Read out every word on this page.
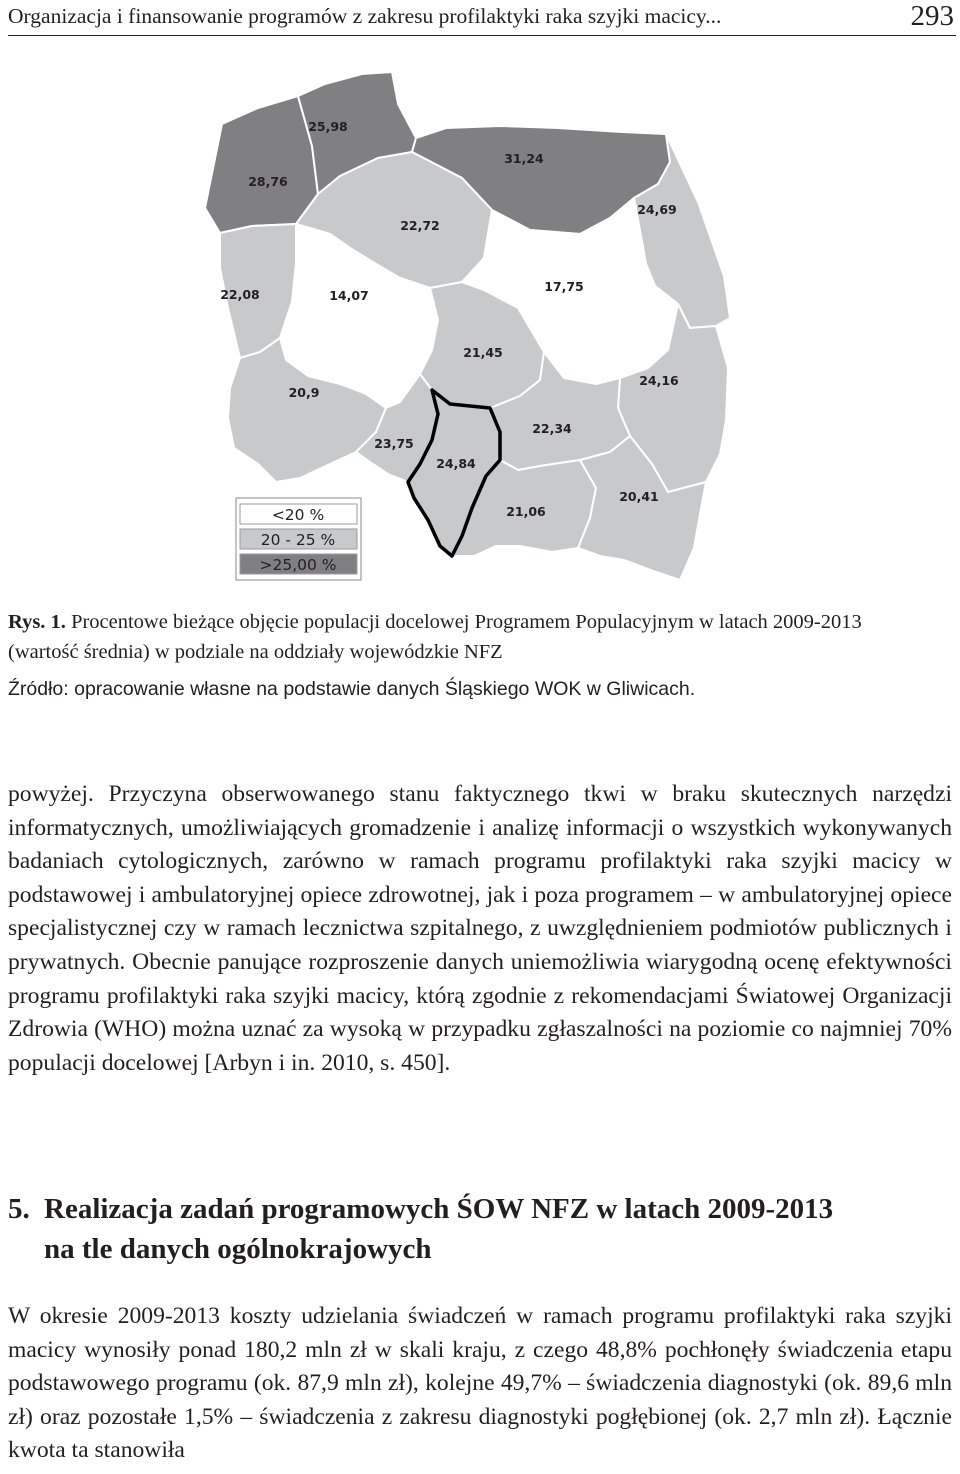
Organizacja i finansowanie programów z zakresu profilaktyki raka szyjki macicy...	293
28,76
25,98
31,24
24,69
22,72
22,08	14,07
17,75
21,45
20,9
24,16
23,75
24,84
22,34
21,06
20,41
<20 %
20 - 25 %
>25,00 %

Rys. 1. Procentowe bieżące objęcie populacji docelowej Programem Populacyjnym w latach 2009-2013 (wartość średnia) w podziale na oddziały wojewódzkie NFZ

Źródło: opracowanie własne na podstawie danych Śląskiego WOK w Gliwicach.

powyżej. Przyczyna obserwowanego stanu faktycznego tkwi w braku skutecznych narzędzi informatycznych, umożliwiających gromadzenie i analizę informacji o wszystkich wykonywanych badaniach cytologicznych, zarówno w ramach programu profilaktyki raka szyjki macicy w podstawowej i ambulatoryjnej opiece zdrowotnej, jak i poza programem – w ambulatoryjnej opiece specjalistycznej czy w ramach lecznictwa szpitalnego, z uwzględnieniem podmiotów publicznych i prywatnych. Obecnie panujące rozproszenie danych uniemożliwia wiarygodną ocenę efektywności programu profilaktyki raka szyjki macicy, którą zgodnie z rekomendacjami Światowej Organizacji Zdrowia (WHO) można uznać za wysoką w przypadku zgłaszalności na poziomie co najmniej 70% populacji docelowej [Arbyn i in. 2010, s. 450].

5. Realizacja zadań programowych ŚOW NFZ w latach 2009-2013
na tle danych ogólnokrajowych

W okresie 2009-2013 koszty udzielania świadczeń w ramach programu profilaktyki raka szyjki macicy wynosiły ponad 180,2 mln zł w skali kraju, z czego 48,8% pochłonęły świadczenia etapu podstawowego programu (ok. 87,9 mln zł), kolejne 49,7% – świadczenia diagnostyki (ok. 89,6 mln zł) oraz pozostałe 1,5% – świadczenia z zakresu diagnostyki pogłębionej (ok. 2,7 mln zł). Łącznie kwota ta stanowiła
